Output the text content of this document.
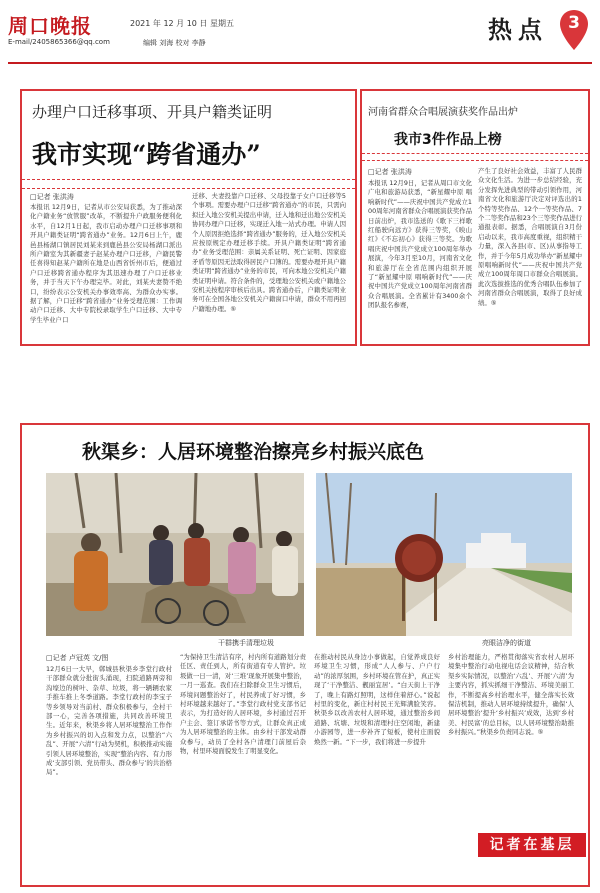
周口晚报	2021 年 12 月 10 日 星期五
E-mail/2405865366@qq.com	编辑 刘海 校对 李静	热点	3
办理户口迁移事项、开具户籍类证明
我市实现“跨省通办”
□记者 张洪涛
本报讯 12月9日，记者从市公安局获悉，为了推动深化户籍业务“放管服”改革，不断提升户政服务便利化水平，自12月1日起，我市启动办理户口迁移事项和开具户籍类证明“跨省通办”业务。12月6日上午，鹿邑县杨湖口镇居民刘某来到鹿邑县公安局杨湖口派出所户籍室为其新疆妻子赵某办理户口迁移，户籍民警任喜得知赵某户籍所在地是山西省忻州市后，便通过户口迁移跨省通办程序为其迅速办理了户口迁移业务，并于当天下午办理完毕。对此，刘某夫妻赞不绝口，纷纷表示公安机关办事效率高、为群众办实事。据了解，户口迁移“跨省通办”业务受理范围：工作调动户口迁移、大中专院校录取学生户口迁移、大中专学生毕业户口
迁移、夫妻投靠户口迁移、父母投靠子女户口迁移等5个事项。需要办理户口迁移“跨省通办”的市民，只需向拟迁入地公安机关提出申请，迁入地和迁出地公安机关协同办理户口迁移，实现迁入地一站式办理。申请人因个人原因拒绝选择“跨省通办”服务的，迁入地公安机关应按原规定办理迁移手续。开具户籍类证明“跨省通办”业务受理范围：亲属关系证明、死亡证明、因家庭矛盾等原因无法取得居民户口簿的。需要办理开具户籍类证明“跨省通办”业务的市民，可向本地公安机关户籍类证明申请。符合条件的，受理地公安机关或户籍地公安机关按程序审核后出具。跨省通办后，户籍类证明业务可在全国各地公安机关户籍窗口申请，群众不用再回户籍地办理。⑤
河南省群众合唱展演获奖作品出炉
我市3件作品上榜
□记者 张洪涛
本报讯 12月9日，记者从周口市文化广电和旅游局获悉，“新星耀中原 唱响新时代”——庆祝中国共产党成立100周年河南省群众合唱展演获奖作品日前出炉，我市选送的《歌下三样歌 红船驶向远方》获得三等奖，《映山红》《不忘初心》获得三等奖。为歌唱庆祝中国共产党成立100周年举办展演，今年3月至10月，河南省文化和旅游厅在全省范围内组织开展了“新星耀中原 唱响新时代”——庆祝中国共产党成立100周年河南省群众合唱展演。全省累计有3400余个团队报名参赛，
产生了良好社会效益，丰富了人民群众文化生活。为进一步总结经验，充分发挥先进典型的带动引领作用，河南省文化和旅游厅决定对评选出的1个特等奖作品、12个一等奖作品、7个二等奖作品和23个三等奖作品进行通报表彰。据悉，合唱展演自3月份启动以来，我市高度重视，组织精干力量，深入各县(市、区)从事指导工作，并于今年5月成功举办“新星耀中原唱响新时代”——庆祝中国共产党成立100周年周口市群众合唱展演。此次选拔推选的优秀合唱队伍参加了河南省群众合唱展演，取得了良好成绩。⑤
秋渠乡：人居环境整治擦亮乡村振兴底色
干群携手清理垃圾	亮眼洁净的街道
□记者 卢冠英 文/图
12月6日一大早，郸城县秋渠乡李堂行政村干部群众就分批街头涌现，扫院道路两旁和沟壕边的树叶、杂草、垃圾，将一辆辆农家手推车推上冬季道路。李堂行政村的李宝子等乡领导对当前村、群众积极参与，全村干部一心，完善各项措施，共同改善环境卫生。近年来，秋渠乡将人居环境整治工作作为乡村振兴的切入点和发力点，以整治“六乱”、开展“六清”行动为契机，积极推动实施引领人居环境整治，实现“整治内容、有力形成‘支部引领、党员带头、群众参与’的共治格局”。
“为保持卫生清洁有序，村内所有道路划分责任区、责任到人，所有街道有专人管护。垃圾做一日一清，对‘三堆’现象开展集中整治，一月一巡查。我们在扫除群众卫生习惯后，环境问题整治好了，村民养成了好习惯，乡村环境越来越好了。”李堂行政村党支部书记表示，为打造好的人居环境，乡村通过召开户主会、签订承诺书等方式，让群众真正成为人居环境整治的主体。由乡村干部发动群众参与，动员了全村各户清理门前屋后杂物，村里环境面貌发生了明显变化。
在推动村民从身边小事做起，自觉养成良好环境卫生习惯，形成“人人参与、户户行动”的浓厚氛围，乡村环境在管在护，真正实现了‘干净整洁、靓丽宜居’。“白天街上干净了，晚上有路灯照明，这样住着舒心。”说起村里的变化，新庄村村民王光辉满脸笑容。秋渠乡以改善农村人居环境，通过整治乡间道路、坑塘、垃圾和清理村庄空闲地，新建小游园等，进一步补齐了短板，使村庄面貌焕然一新。“下一步，我们将进一步提升
乡村治理能力，严格贯彻落实省农村人居环境集中整治行动电视电话会议精神，结合秋渠乡实际情况，以整治‘六乱’、开展‘六清’为主要内容，抓实抓细干净整洁、环境美丽工作，不断提高乡村治理水平，健全落实长效保洁机制，推动人居环境持续提升，确保‘人居环境整治’提升‘乡村振兴’成效，达到‘乡村美、村民富’的总目标，以人居环境整治助推乡村振兴。”秋渠乡负责同志说。⑤
记者在基层
